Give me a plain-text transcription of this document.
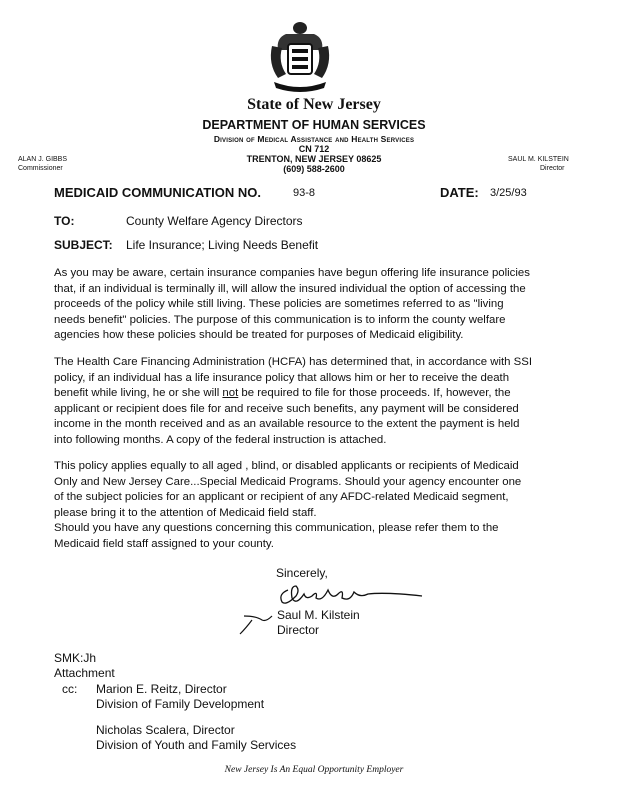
State of New Jersey
DEPARTMENT OF HUMAN SERVICES
Division of Medical Assistance and Health Services
CN 712
TRENTON, NEW JERSEY 08625
(609) 588-2600
ALAN J. GIBBS
Commissioner
SAUL M. KILSTEIN
Director
MEDICAID COMMUNICATION NO.	93-8	DATE: 3/25/93
TO:	County Welfare Agency Directors
SUBJECT: Life Insurance; Living Needs Benefit
As you may be aware, certain insurance companies have begun offering life insurance policies
that, if an individual is terminally ill, will allow the insured individual the option of accessing the
proceeds of the policy while still living. These policies are sometimes referred to as "living
needs benefit" policies. The purpose of this communication is to inform the county welfare
agencies how these policies should be treated for purposes of Medicaid eligibility.
The Health Care Financing Administration (HCFA) has determined that, in accordance with SSI
policy, if an individual has a life insurance policy that allows him or her to receive the death
benefit while living, he or she will not be required to file for those proceeds. If, however, the
applicant or recipient does file for and receive such benefits, any payment will be considered
income in the month received and as an available resource to the extent the payment is held
into following months. A copy of the federal instruction is attached.
This policy applies equally to all aged , blind, or disabled applicants or recipients of Medicaid
Only and New Jersey Care...Special Medicaid Programs. Should your agency encounter one
of the subject policies for an applicant or recipient of any AFDC-related Medicaid segment,
please bring it to the attention of Medicaid field staff.
Should you have any questions concerning this communication, please refer them to the
Medicaid field staff assigned to your county.
Sincerely,
Saul M. Kilstein
Director
SMK:Jh
Attachment
cc: Marion E. Reitz, Director
Division of Family Development
Nicholas Scalera, Director
Division of Youth and Family Services
New Jersey Is An Equal Opportunity Employer
